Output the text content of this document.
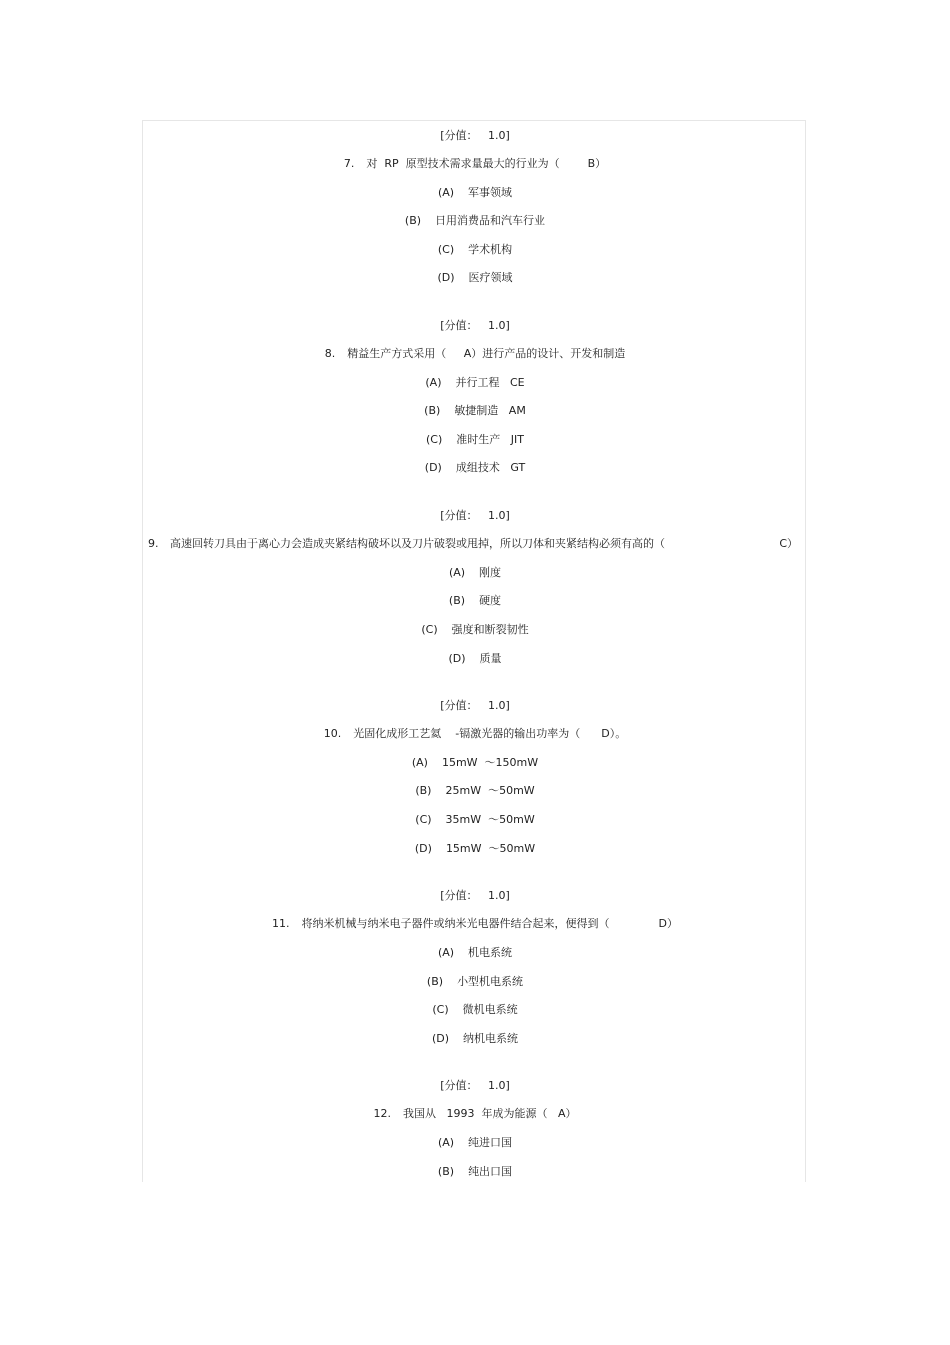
[分值：   1.0]
7. 对  RP  原型技术需求量最大的行业为（        B）
(A) 军事领域
(B) 日用消费品和汽车行业
(C) 学术机构
(D) 医疗领域
[分值：   1.0]
8. 精益生产方式采用（     A）进行产品的设计、开发和制造
(A) 并行工程   CE
(B) 敏捷制造   AM
(C) 准时生产   JIT
(D) 成组技术   GT
[分值：   1.0]
9. 高速回转刀具由于离心力会造成夹紧结构破坏以及刀片破裂或甩掉，所以刀体和夹紧结构必须有高的（	C）
(A) 刚度
(B) 硬度
(C) 强度和断裂韧性
(D) 质量
[分值：   1.0]
10. 光固化成形工艺氦    -镉激光器的输出功率为（      D）。
(A) 15mW  ～150mW
(B) 25mW  ～50mW
(C) 35mW  ～50mW
(D) 15mW  ～50mW
[分值：   1.0]
11. 将纳米机械与纳米电子器件或纳米光电器件结合起来，便得到（              D）
(A) 机电系统
(B) 小型机电系统
(C) 微机电系统
(D) 纳机电系统
[分值：   1.0]
12. 我国从   1993  年成为能源（   A）
(A) 纯进口国
(B) 纯出口国
